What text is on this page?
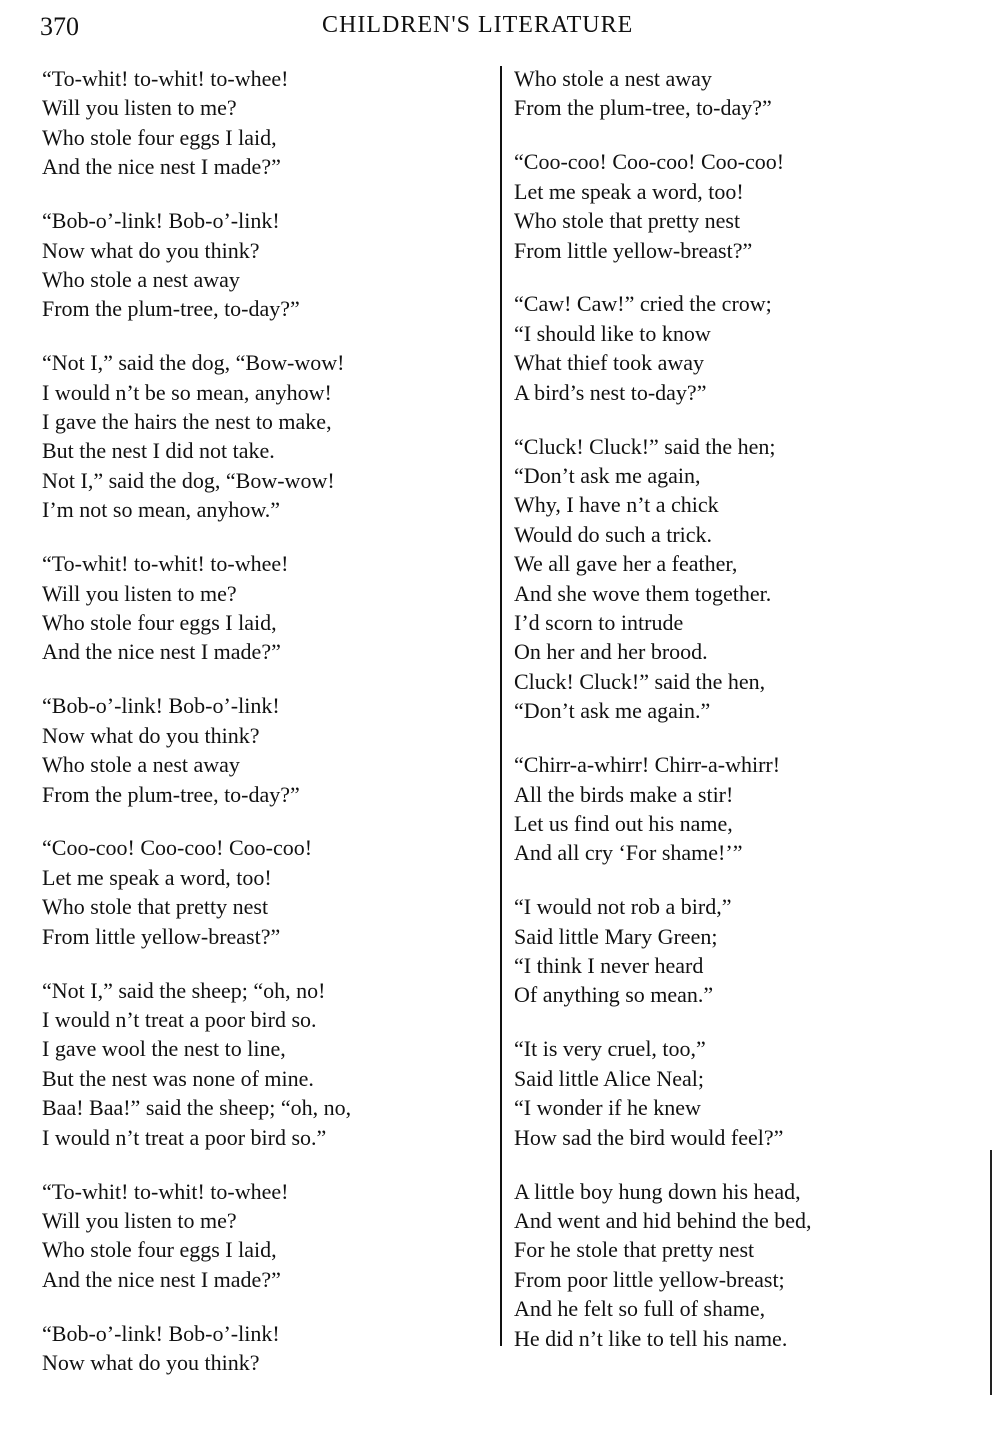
370	CHILDREN'S LITERATURE
“To-whit! to-whit! to-whee!
Will you listen to me?
Who stole four eggs I laid,
And the nice nest I made?”
“Bob-o’-link! Bob-o’-link!
Now what do you think?
Who stole a nest away
From the plum-tree, to-day?”
“Not I,” said the dog, “Bow-wow!
I would n’t be so mean, anyhow!
I gave the hairs the nest to make,
But the nest I did not take.
Not I,” said the dog, “Bow-wow!
I’m not so mean, anyhow.”
“To-whit! to-whit! to-whee!
Will you listen to me?
Who stole four eggs I laid,
And the nice nest I made?”
“Bob-o’-link! Bob-o’-link!
Now what do you think?
Who stole a nest away
From the plum-tree, to-day?”
“Coo-coo! Coo-coo! Coo-coo!
Let me speak a word, too!
Who stole that pretty nest
From little yellow-breast?”
“Not I,” said the sheep; “oh, no!
I would n’t treat a poor bird so.
I gave wool the nest to line,
But the nest was none of mine.
Baa! Baa!” said the sheep; “oh, no,
I would n’t treat a poor bird so.”
“To-whit! to-whit! to-whee!
Will you listen to me?
Who stole four eggs I laid,
And the nice nest I made?”
“Bob-o’-link! Bob-o’-link!
Now what do you think?
Who stole a nest away
From the plum-tree, to-day?”
“Coo-coo! Coo-coo! Coo-coo!
Let me speak a word, too!
Who stole that pretty nest
From little yellow-breast?”
“Caw! Caw!” cried the crow;
“I should like to know
What thief took away
A bird’s nest to-day?”
“Cluck! Cluck!” said the hen;
“Don’t ask me again,
Why, I have n’t a chick
Would do such a trick.
We all gave her a feather,
And she wove them together.
I’d scorn to intrude
On her and her brood.
Cluck! Cluck!” said the hen,
“Don’t ask me again.”
“Chirr-a-whirr! Chirr-a-whirr!
All the birds make a stir!
Let us find out his name,
And all cry ‘For shame!’”
“I would not rob a bird,”
Said little Mary Green;
“I think I never heard
Of anything so mean.”
“It is very cruel, too,”
Said little Alice Neal;
“I wonder if he knew
How sad the bird would feel?”
A little boy hung down his head,
And went and hid behind the bed,
For he stole that pretty nest
From poor little yellow-breast;
And he felt so full of shame,
He did n’t like to tell his name.
